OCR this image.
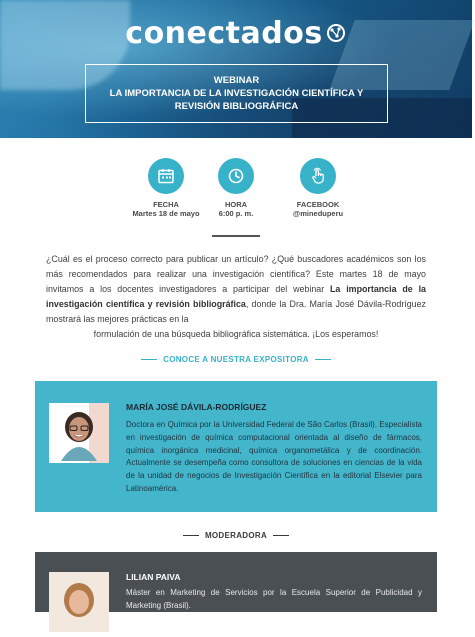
conectados
WEBINAR
LA IMPORTANCIA DE LA INVESTIGACIÓN CIENTÍFICA Y
REVISIÓN BIBLIOGRÁFICA
FECHA
Martes 18 de mayo
HORA
6:00 p. m.
FACEBOOK
@mineduperu
¿Cuál es el proceso correcto para publicar un artículo? ¿Qué buscadores académicos son los más recomendados para realizar una investigación científica? Este martes 18 de mayo invitamos a los docentes investigadores a participar del webinar La importancia de la investigación científica y revisión bibliográfica, donde la Dra. María José Dávila-Rodríguez mostrará las mejores prácticas en la
formulación de una búsqueda bibliográfica sistemática. ¡Los esperamos!
CONOCE A NUESTRA EXPOSITORA
MARÍA JOSÉ DÁVILA-RODRÍGUEZ
Doctora en Química por la Universidad Federal de São Carlos (Brasil). Especialista en investigación de química computacional orientada al diseño de fármacos, química inorgánica medicinal, química organometálica y de coordinación. Actualmente se desempeña como consultora de soluciones en ciencias de la vida de la unidad de negocios de Investigación Científica en la editorial Elsevier para Latinoamérica.
MODERADORA
LILIAN PAIVA
Máster en Marketing de Servicios por la Escuela Superior de Publicidad y Marketing (Brasil).
